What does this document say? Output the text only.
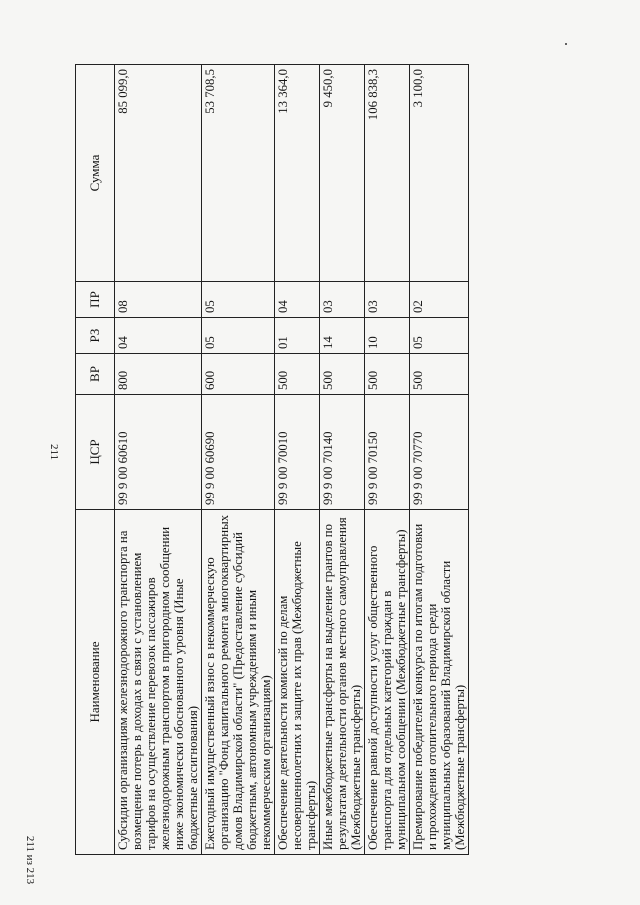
211
Наименование	ЦСР	ВР	РЗ	ПР	Сумма
Субсидии организациям железнодорожного транспорта на возмещение потерь в доходах в связи с установлением тарифов на осуществление перевозок пассажиров железнодорожным транспортом в пригородном сообщении ниже экономически обоснованного уровня (Иные бюджетные ассигнования)	99 9 00 60610	800	04	08	85 099,0
Ежегодный имущественный взнос в некоммерческую организацию "Фонд капитального ремонта многоквартирных домов Владимирской области" (Предоставление субсидий бюджетным, автономным учреждениям и иным некоммерческим организациям)	99 9 00 60690	600	05	05	53 708,5
Обеспечение деятельности комиссий по делам несовершеннолетних и защите их прав (Межбюджетные трансферты)	99 9 00 70010	500	01	04	13 364,0
Иные межбюджетные трансферты на выделение грантов по результатам деятельности органов местного самоуправления (Межбюджетные трансферты)	99 9 00 70140	500	14	03	9 450,0
Обеспечение равной доступности услуг общественного транспорта для отдельных категорий граждан в муниципальном сообщении (Межбюджетные трансферты)	99 9 00 70150	500	10	03	106 838,3
Премирование победителей конкурса по итогам подготовки и прохождения отопительного периода среди муниципальных образований Владимирской области (Межбюджетные трансферты)	99 9 00 70770	500	05	02	3 100,0
211 из 213
